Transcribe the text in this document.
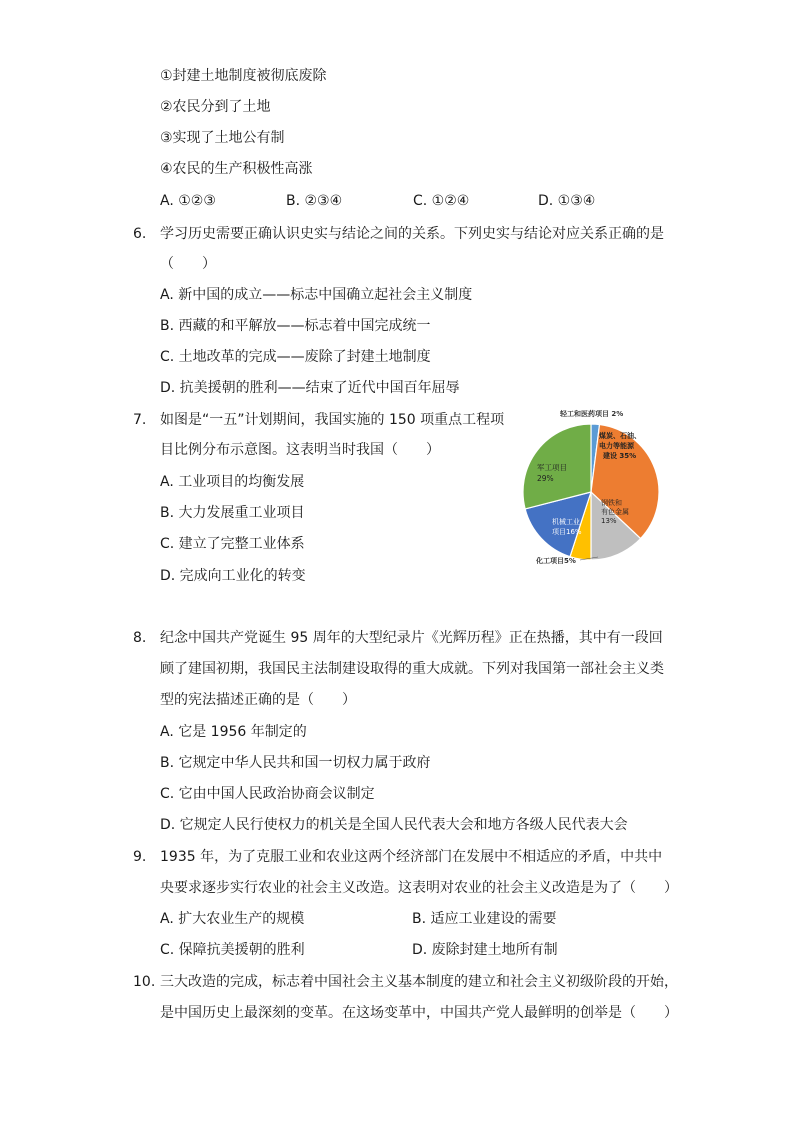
①封建土地制度被彻底废除
②农民分到了土地
③实现了土地公有制
④农民的生产积极性高涨
A. ①②③	B. ②③④	C. ①②④	D. ①③④
6. 学习历史需要正确认识史实与结论之间的关系。下列史实与结论对应关系正确的是
（　　）
A. 新中国的成立——标志中国确立起社会主义制度
B. 西藏的和平解放——标志着中国完成统一
C. 土地改革的完成——废除了封建土地制度
D. 抗美援朝的胜利——结束了近代中国百年屈辱
7. 如图是“一五”计划期间，我国实施的 150 项重点工程项
目比例分布示意图。这表明当时我国（　　）
A. 工业项目的均衡发展
B. 大力发展重工业项目
C. 建立了完整工业体系
D. 完成向工业化的转变
轻工和医药项目 2%
煤炭、石油、
电力等能源
建设 35%
钢铁和
有色金属
13%
机械工业
项目16%
军工项目
29%
化工项目5%
8. 纪念中国共产党诞生 95 周年的大型纪录片《光辉历程》正在热播，其中有一段回
顾了建国初期，我国民主法制建设取得的重大成就。下列对我国第一部社会主义类
型的宪法描述正确的是（　　）
A. 它是 1956 年制定的
B. 它规定中华人民共和国一切权力属于政府
C. 它由中国人民政治协商会议制定
D. 它规定人民行使权力的机关是全国人民代表大会和地方各级人民代表大会
9. 1935 年，为了克服工业和农业这两个经济部门在发展中不相适应的矛盾，中共中
央要求逐步实行农业的社会主义改造。这表明对农业的社会主义改造是为了（　　）
A. 扩大农业生产的规模	B. 适应工业建设的需要
C. 保障抗美援朝的胜利	D. 废除封建土地所有制
10. 三大改造的完成，标志着中国社会主义基本制度的建立和社会主义初级阶段的开始，
是中国历史上最深刻的变革。在这场变革中，中国共产党人最鲜明的创举是（　　）
